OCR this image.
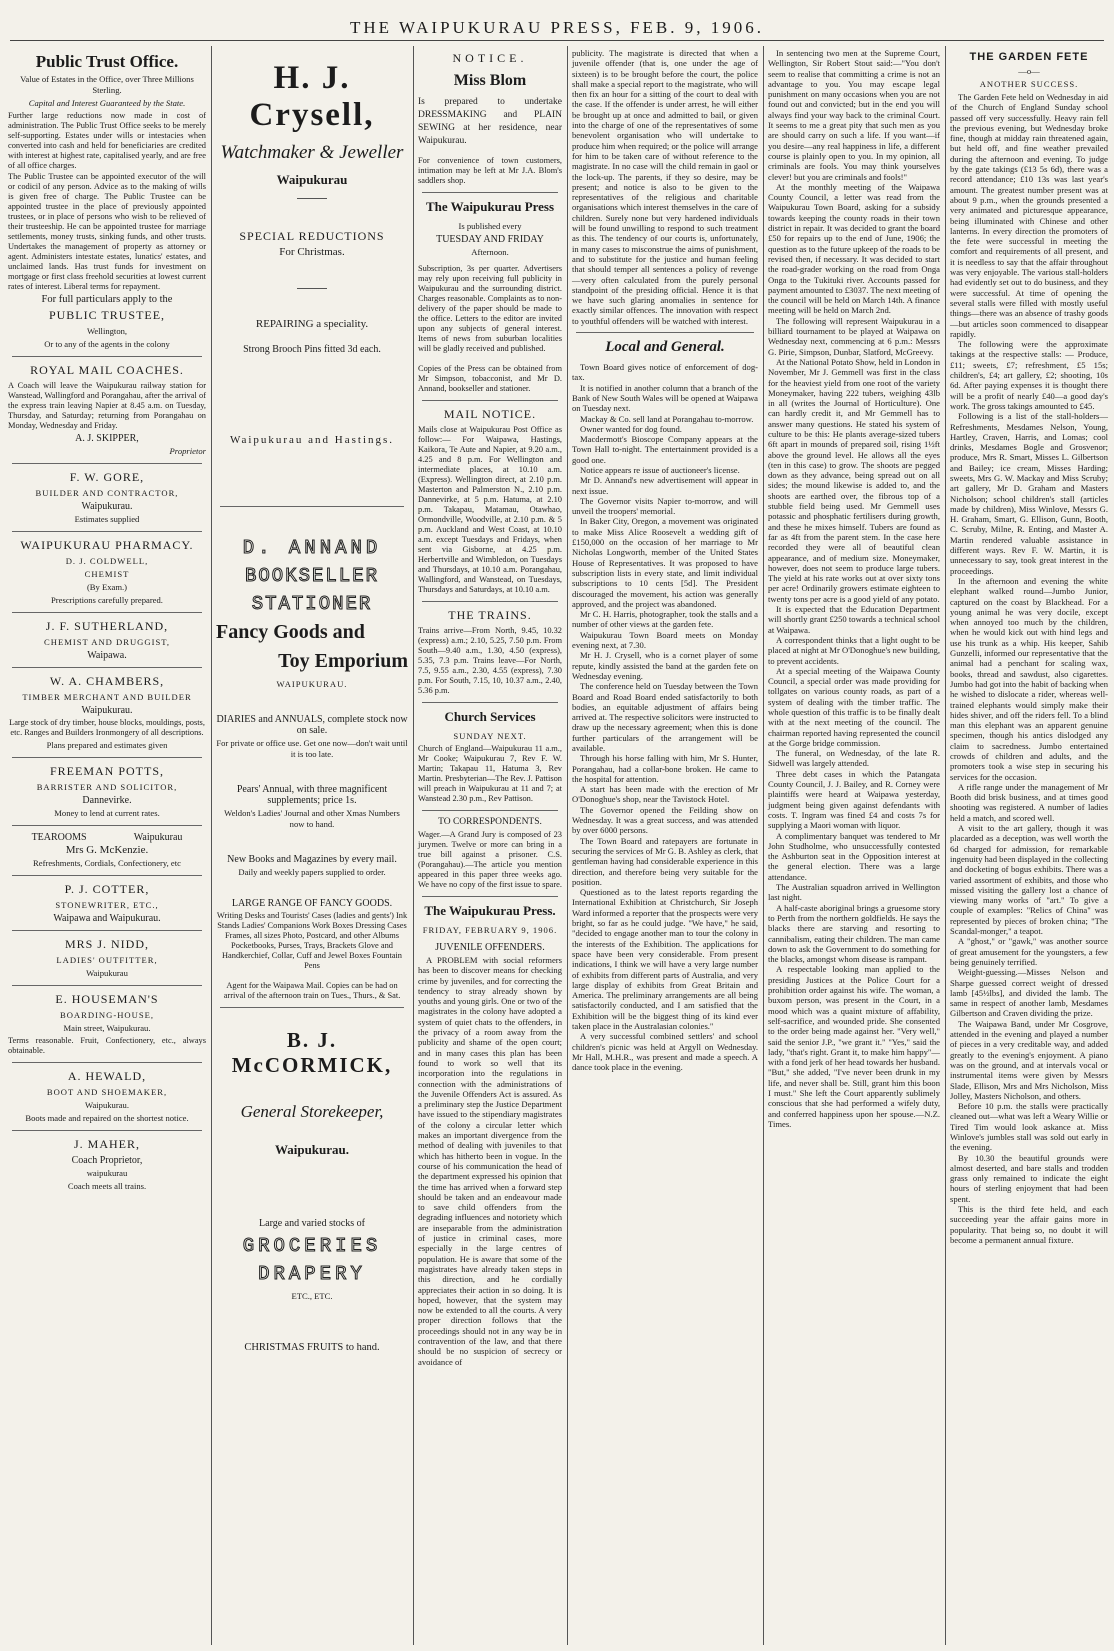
THE WAIPUKURAU PRESS, FEB. 9, 1906.
Public Trust Office.
Value of Estates in the Office, over Three Millions Sterling.
Capital and Interest Guaranteed by the State.

Further large reductions now made in cost of administration. The Public Trust Office seeks to be merely self-supporting. Estates under wills or intestacies when converted into cash and held for beneficiaries are credited with interest at highest rate, capitalised yearly, and are free of all office charges.

The Public Trustee can be appointed executor of the will or codicil of any person. Advice as to the making of wills is given free of charge. The Public Trustee can be appointed trustee in the place of previously appointed trustees, or in place of persons who wish to be relieved of their trusteeship. He can be appointed trustee for marriage settlements, money trusts, sinking funds, and other trusts. Undertakes the management of property as attorney or agent. Administers intestate estates, lunatics' estates, and unclaimed lands. Has trust funds for investment on mortgage or first class freehold securities at lowest current rates of interest. Liberal terms for repayment.

For full particulars apply to the
PUBLIC TRUSTEE,
Wellington,
Or to any of the agents in the colony
ROYAL MAIL COACHES.

A Coach will leave the Waipukurau railway station for Wanstead, Wallingford and Porangahau, after the arrival of the express train leaving Napier at 8.45 a.m. on Tuesday, Thursday, and Saturday; returning from Porangahau on Monday, Wednesday and Friday.

A. J. SKIPPER,
Proprietor
F. W. GORE,
BUILDER AND CONTRACTOR,
Waipukurau.
Estimates supplied
WAIPUKURAU PHARMACY.
D. J. COLDWELL,
CHEMIST
(By Exam.)
Prescriptions carefully prepared.
J. F. SUTHERLAND,
CHEMIST AND DRUGGIST,
Waipawa.
W. A. CHAMBERS,
TIMBER MERCHANT AND BUILDER
Waipukurau.

Large stock of dry timber, house blocks, mouldings, posts, etc. Ranges and Builders Ironmongery of all descriptions.

Plans prepared and estimates given
FREEMAN POTTS,
BARRISTER AND SOLICITOR,
Dannevirke.
Money to lend at current rates.
TEAROOMS	Waipukurau
Mrs G. McKenzie.
Refreshments, Cordials, Confectionery, etc
P. J. COTTER,
STONEWRITER, ETC.,
Waipawa and Waipukurau.
MRS J. NIDD,
LADIES' OUTFITTER,
Waipukurau
E. HOUSEMAN'S
BOARDING-HOUSE,
Main street, Waipukurau.

Terms reasonable. Fruit, Confectionery, etc., always obtainable.

A. HEWALD,
BOOT AND SHOEMAKER,
Waipukurau.
Boots made and repaired on the shortest notice.
J. MAHER,
Coach Proprietor,
waipukurau
Coach meets all trains.
H. J. Crysell,
Watchmaker & Jeweller
Waipukurau
SPECIAL REDUCTIONS
For Christmas.
REPAIRING a speciality.
Strong Brooch Pins fitted 3d each.
Waipukurau and Hastings.
D. ANNAND
BOOKSELLER
STATIONER
Fancy Goods and
Toy Emporium
WAIPUKURAU.
DIARIES and ANNUALS, complete stock now on sale.
For private or office use. Get one now—don't wait until it is too late.
Pears' Annual, with three magnificent supplements; price 1s.
Weldon's Ladies' Journal and other Xmas Numbers now to hand.
New Books and Magazines by every mail.
Daily and weekly papers supplied to order.
LARGE RANGE OF FANCY GOODS.

Writing Desks and Tourists' Cases (ladies and gents') Ink Stands Ladies' Companions Work Boxes Dressing Cases Frames, all sizes Photo, Postcard, and other Albums Pocketbooks, Purses, Trays, Brackets Glove and Handkerchief, Collar, Cuff and Jewel Boxes Fountain Pens

Agent for the Waipawa Mail. Copies can be had on arrival of the afternoon train on Tues., Thurs., & Sat.

B. J. McCORMICK,
General Storekeeper,
Waipukurau.
Large and varied stocks of
GROCERIES
DRAPERY
ETC., ETC.
CHRISTMAS FRUITS to hand.
NOTICE.
Miss Blom

Is prepared to undertake DRESSMAKING and PLAIN SEWING at her residence, near Waipukurau.

For convenience of town customers, intimation may be left at Mr J.A. Blom's saddlers shop.

The Waipukurau Press
Is published every
TUESDAY AND FRIDAY
Afternoon.

Subscription, 3s per quarter. Advertisers may rely upon receiving full publicity in Waipukurau and the surrounding district. Charges reasonable. Complaints as to non-delivery of the paper should be made to the office. Letters to the editor are invited upon any subjects of general interest. Items of news from suburban localities will be gladly received and published.

Copies of the Press can be obtained from Mr Simpson, tobacconist, and Mr D. Annand, bookseller and stationer.

MAIL NOTICE.

Mails close at Waipukurau Post Office as follow:— For Waipawa, Hastings, Kaikora, Te Aute and Napier, at 9.20 a.m., 4.25 and 8 p.m. For Wellington and intermediate places, at 10.10 a.m. (Express). Wellington direct, at 2.10 p.m. Masterton and Palmerston N., 2.10 p.m. Dannevirke, at 5 p.m. Hatuma, at 2.10 p.m. Takapau, Matamau, Otawhao, Ormondville, Woodville, at 2.10 p.m. & 5 p.m. Auckland and West Coast, at 10.10 a.m. except Tuesdays and Fridays, when sent via Gisborne, at 4.25 p.m. Herbertville and Wimbledon, on Tuesdays and Thursdays, at 10.10 a.m. Porangahau, Wallingford, and Wanstead, on Tuesdays, Thursdays and Saturdays, at 10.10 a.m.

THE TRAINS.

Trains arrive—From North, 9.45, 10.32 (express) a.m.; 2.10, 5.25, 7.50 p.m. From South—9.40 a.m., 1.30, 4.50 (express), 5.35, 7.3 p.m. Trains leave—For North, 7.5, 9.55 a.m., 2.30, 4.55 (express), 7.30 p.m. For South, 7.15, 10, 10.37 a.m., 2.40, 5.36 p.m.

Church Services
SUNDAY NEXT.

Church of England—Waipukurau 11 a.m., Mr Cooke; Waipukurau 7, Rev F. W. Martin; Takapau 11, Hatuma 3, Rev Martin. Presbyterian—The Rev. J. Pattison will preach in Waipukurau at 11 and 7; at Wanstead 2.30 p.m., Rev Pattison.

TO CORRESPONDENTS.

Wager.—A Grand Jury is composed of 23 jurymen. Twelve or more can bring in a true bill against a prisoner. C.S. (Porangahau).—The article you mention appeared in this paper three weeks ago. We have no copy of the first issue to spare.

The Waipukurau Press.
FRIDAY, FEBRUARY 9, 1906.
JUVENILE OFFENDERS.

A PROBLEM with social reformers has been to discover means for checking crime by juveniles, and for correcting the tendency to stray already shown by youths and young girls. One or two of the magistrates in the colony have adopted a system of quiet chats to the offenders, in the privacy of a room away from the publicity and shame of the open court; and in many cases this plan has been found to work so well that its incorporation into the regulations in connection with the administrations of the Juvenile Offenders Act is assured. As a preliminary step the Justice Department have issued to the stipendiary magistrates of the colony a circular letter which makes an important divergence from the method of dealing with juveniles to that which has hitherto been in vogue. In the course of his communication the head of the department expressed his opinion that the time has arrived when a forward step should be taken and an endeavour made to save child offenders from the degrading influences and notoriety which are inseparable from the administration of justice in criminal cases, more especially in the large centres of population. He is aware that some of the magistrates have already taken steps in this direction, and he cordially appreciates their action in so doing. It is hoped, however, that the system may now be extended to all the courts. A very proper direction follows that the proceedings should not in any way be in contravention of the law, and that there should be no suspicion of secrecy or avoidance of

publicity. The magistrate is directed that when a juvenile offender (that is, one under the age of sixteen) is to be brought before the court, the police shall make a special report to the magistrate, who will then fix an hour for a sitting of the court to deal with the case. If the offender is under arrest, he will either be brought up at once and admitted to bail, or given into the charge of one of the representatives of some benevolent organisation who will undertake to produce him when required; or the police will arrange for him to be taken care of without reference to the magistrate. In no case will the child remain in gaol or the lock-up. The parents, if they so desire, may be present; and notice is also to be given to the representatives of the religious and charitable organisations which interest themselves in the care of children. Surely none but very hardened individuals will be found unwilling to respond to such treatment as this. The tendency of our courts is, unfortunately, in many cases to misconstrue the aims of punishment, and to substitute for the justice and human feeling that should temper all sentences a policy of revenge—very often calculated from the purely personal standpoint of the presiding official. Hence it is that we have such glaring anomalies in sentence for exactly similar offences. The innovation with respect to youthful offenders will be watched with interest.

Local and General.

Town Board gives notice of enforcement of dog-tax.

It is notified in another column that a branch of the Bank of New South Wales will be opened at Waipawa on Tuesday next.

Mackay & Co. sell land at Porangahau to-morrow.

Owner wanted for dog found.

Macdermott's Bioscope Company appears at the Town Hall to-night. The entertainment provided is a good one.

Notice appears re issue of auctioneer's license.

Mr D. Annand's new advertisement will appear in next issue.

The Governor visits Napier to-morrow, and will unveil the troopers' memorial.

In Baker City, Oregon, a movement was originated to make Miss Alice Roosevelt a wedding gift of £150,000 on the occasion of her marriage to Mr Nicholas Longworth, member of the United States House of Representatives. It was proposed to have subscription lists in every state, and limit individual subscriptions to 10 cents [5d]. The President discouraged the movement, his action was generally approved, and the project was abandoned.

Mr C. H. Harris, photographer, took the stalls and a number of other views at the garden fete.

Waipukurau Town Board meets on Monday evening next, at 7.30.

Mr H. J. Crysell, who is a cornet player of some repute, kindly assisted the band at the garden fete on Wednesday evening.

The conference held on Tuesday between the Town Board and Road Board ended satisfactorily to both bodies, an equitable adjustment of affairs being arrived at. The respective solicitors were instructed to draw up the necessary agreement; when this is done further particulars of the arrangement will be available.

Through his horse falling with him, Mr S. Hunter, Porangahau, had a collar-bone broken. He came to the hospital for attention.

A start has been made with the erection of Mr O'Donoghue's shop, near the Tavistock Hotel.

The Governor opened the Feilding show on Wednesday. It was a great success, and was attended by over 6000 persons.

The Town Board and ratepayers are fortunate in securing the services of Mr G. B. Ashley as clerk, that gentleman having had considerable experience in this direction, and therefore being very suitable for the position.

Questioned as to the latest reports regarding the International Exhibition at Christchurch, Sir Joseph Ward informed a reporter that the prospects were very bright, so far as he could judge. "We have," he said, "decided to engage another man to tour the colony in the interests of the Exhibition. The applications for space have been very considerable. From present indications, I think we will have a very large number of exhibits from different parts of Australia, and very large display of exhibits from Great Britain and America. The preliminary arrangements are all being satisfactorily conducted, and I am satisfied that the Exhibition will be the biggest thing of its kind ever taken place in the Australasian colonies."

A very successful combined settlers' and school children's picnic was held at Argyll on Wednesday. Mr Hall, M.H.R., was present and made a speech. A dance took place in the evening.

In sentencing two men at the Supreme Court, Wellington, Sir Robert Stout said:—"You don't seem to realise that committing a crime is not an advantage to you. You may escape legal punishment on many occasions when you are not found out and convicted; but in the end you will always find your way back to the criminal Court. It seems to me a great pity that such men as you are should carry on such a life. If you want—if you desire—any real happiness in life, a different course is plainly open to you. In my opinion, all criminals are fools. You may think yourselves clever! but you are criminals and fools!"

At the monthly meeting of the Waipawa County Council, a letter was read from the Waipukurau Town Board, asking for a subsidy towards keeping the county roads in their town district in repair. It was decided to grant the board £50 for repairs up to the end of June, 1906; the question as to the future upkeep of the roads to be revised then, if necessary. It was decided to start the road-grader working on the road from Onga Onga to the Tukituki river. Accounts passed for payment amounted to £3037. The next meeting of the council will be held on March 14th. A finance meeting will be held on March 2nd.

The following will represent Waipukurau in a billiard tournament to be played at Waipawa on Wednesday next, commencing at 6 p.m.: Messrs G. Pirie, Simpson, Dunbar, Slatford, McGreevy.

At the National Potato Show, held in London in November, Mr J. Gemmell was first in the class for the heaviest yield from one root of the variety Moneymaker, having 222 tubers, weighing 43lb in all (writes the Journal of Horticulture). One can hardly credit it, and Mr Gemmell has to answer many questions. He stated his system of culture to be this: He plants average-sized tubers 6ft apart in mounds of prepared soil, rising 1½ft above the ground level. He allows all the eyes (ten in this case) to grow. The shoots are pegged down as they advance, being spread out on all sides; the mound likewise is added to, and the shoots are earthed over, the fibrous top of a stubble field being used. Mr Gemmell uses potassic and phosphatic fertilisers during growth, and these he mixes himself. Tubers are found as far as 4ft from the parent stem. In the case here recorded they were all of beautiful clean appearance, and of medium size. Moneymaker, however, does not seem to produce large tubers. The yield at his rate works out at over sixty tons per acre! Ordinarily growers estimate eighteen to twenty tons per acre is a good yield of any potato.

It is expected that the Education Department will shortly grant £250 towards a technical school at Waipawa.

A correspondent thinks that a light ought to be placed at night at Mr O'Donoghue's new building, to prevent accidents.

At a special meeting of the Waipawa County Council, a special order was made providing for tollgates on various county roads, as part of a system of dealing with the timber traffic. The whole question of this traffic is to be finally dealt with at the next meeting of the council. The chairman reported having represented the council at the Gorge bridge commission.

The funeral, on Wednesday, of the late R. Sidwell was largely attended.

Three debt cases in which the Patangata County Council, J. J. Bailey, and R. Corney were plaintiffs were heard at Waipawa yesterday, judgment being given against defendants with costs. T. Ingram was fined £4 and costs 7s for supplying a Maori woman with liquor.

A complimentary banquet was tendered to Mr John Studholme, who unsuccessfully contested the Ashburton seat in the Opposition interest at the general election. There was a large attendance.

The Australian squadron arrived in Wellington last night.

A half-caste aboriginal brings a gruesome story to Perth from the northern goldfields. He says the blacks there are starving and resorting to cannibalism, eating their children. The man came down to ask the Government to do something for the blacks, amongst whom disease is rampant.

A respectable looking man applied to the presiding Justices at the Police Court for a prohibition order against his wife. The woman, a buxom person, was present in the Court, in a mood which was a quaint mixture of affability, self-sacrifice, and wounded pride. She consented to the order being made against her. "Very well," said the senior J.P., "we grant it." "Yes," said the lady, "that's right. Grant it, to make him happy"—with a fond jerk of her head towards her husband. "But," she added, "I've never been drunk in my life, and never shall be. Still, grant him this boon I must." She left the Court apparently sublimely conscious that she had performed a wifely duty, and conferred happiness upon her spouse.—N.Z. Times.

THE GARDEN FETE
—o—
ANOTHER SUCCESS.

The Garden Fete held on Wednesday in aid of the Church of England Sunday school passed off very successfully. Heavy rain fell the previous evening, but Wednesday broke fine, though at midday rain threatened again, but held off, and fine weather prevailed during the afternoon and evening. To judge by the gate takings (£13 5s 6d), there was a record attendance; £10 13s was last year's amount. The greatest number present was at about 9 p.m., when the grounds presented a very animated and picturesque appearance, being illuminated with Chinese and other lanterns. In every direction the promoters of the fete were successful in meeting the comfort and requirements of all present, and it is needless to say that the affair throughout was very enjoyable. The various stall-holders had evidently set out to do business, and they were successful. At time of opening the several stalls were filled with mostly useful things—there was an absence of trashy goods—but articles soon commenced to disappear rapidly.

The following were the approximate takings at the respective stalls: — Produce, £11; sweets, £7; refreshment, £5 15s; children's, £4; art gallery, £2; shooting, 10s 6d. After paying expenses it is thought there will be a profit of nearly £40—a good day's work. The gross takings amounted to £45.

Following is a list of the stall-holders—Refreshments, Mesdames Nelson, Young, Hartley, Craven, Harris, and Lomas; cool drinks, Mesdames Bogle and Grosvenor; produce, Mrs R. Smart, Misses L. Gilbertson and Bailey; ice cream, Misses Harding; sweets, Mrs G. W. Mackay and Miss Scruby; art gallery, Mr D. Graham and Masters Nicholson; school children's stall (articles made by children), Miss Winlove, Messrs G. H. Graham, Smart, G. Ellison, Gunn, Booth, C. Scruby, Milne, R. Enting, and Master A. Martin rendered valuable assistance in different ways. Rev F. W. Martin, it is unnecessary to say, took great interest in the proceedings.

In the afternoon and evening the white elephant walked round—Jumbo Junior, captured on the coast by Blackhead. For a young animal he was very docile, except when annoyed too much by the children, when he would kick out with hind legs and use his trunk as a whip. His keeper, Sahib Gunzelli, informed our representative that the animal had a penchant for scaling wax, books, thread and sawdust, also cigarettes. Jumbo had got into the habit of backing when he wished to dislocate a rider, whereas well-trained elephants would simply make their hides shiver, and off the riders fell. To a blind man this elephant was an apparent genuine specimen, though his antics dislodged any claim to sacredness. Jumbo entertained crowds of children and adults, and the promoters took a wise step in securing his services for the occasion.

A rifle range under the management of Mr Booth did brisk business, and at times good shooting was registered. A number of ladies held a match, and scored well.

A visit to the art gallery, though it was placarded as a deception, was well worth the 6d charged for admission, for remarkable ingenuity had been displayed in the collecting and docketing of bogus exhibits. There was a varied assortment of exhibits, and those who missed visiting the gallery lost a chance of viewing many works of "art." To give a couple of examples: "Relics of China" was represented by pieces of broken china; "The Scandal-monger," a teapot.

A "ghost," or "gawk," was another source of great amusement for the youngsters, a few being genuinely terrified.

Weight-guessing.—Misses Nelson and Sharpe guessed correct weight of dressed lamb [45½lbs], and divided the lamb. The same in respect of another lamb, Mesdames Gilbertson and Craven dividing the prize.

The Waipawa Band, under Mr Cosgrove, attended in the evening and played a number of pieces in a very creditable way, and added greatly to the evening's enjoyment. A piano was on the ground, and at intervals vocal or instrumental items were given by Messrs Slade, Ellison, Mrs and Mrs Nicholson, Miss Jolley, Masters Nicholson, and others.

Before 10 p.m. the stalls were practically cleaned out—what was left a Weary Willie or Tired Tim would look askance at. Miss Winlove's jumbles stall was sold out early in the evening.

By 10.30 the beautiful grounds were almost deserted, and bare stalls and trodden grass only remained to indicate the eight hours of sterling enjoyment that had been spent.

This is the third fete held, and each succeeding year the affair gains more in popularity. That being so, no doubt it will become a permanent annual fixture.
